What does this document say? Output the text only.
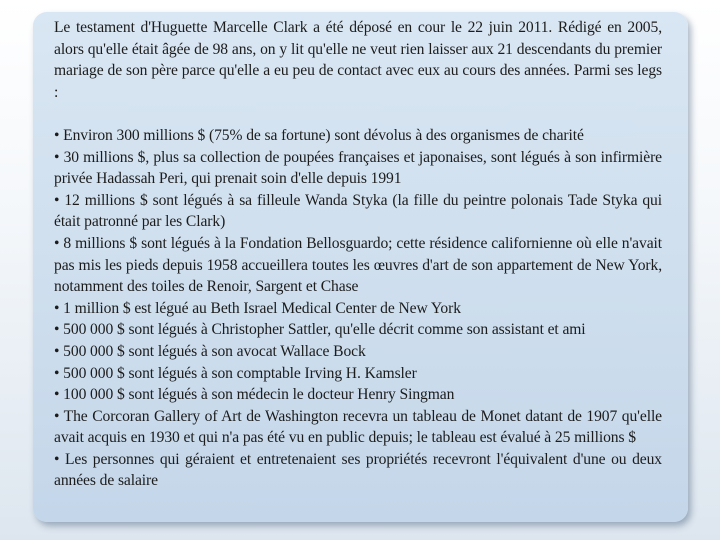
Le testament d'Huguette Marcelle Clark a été déposé en cour le 22 juin 2011. Rédigé en 2005, alors qu'elle était âgée de 98 ans, on y lit qu'elle ne veut rien laisser aux 21 descendants du premier mariage de son père parce qu'elle a eu peu de contact avec eux au cours des années. Parmi ses legs :

• Environ 300 millions $ (75% de sa fortune) sont dévolus à des organismes de charité
• 30 millions $, plus sa collection de poupées françaises et japonaises, sont légués à son infirmière privée Hadassah Peri, qui prenait soin d'elle depuis 1991
• 12 millions $ sont légués à sa filleule Wanda Styka (la fille du peintre polonais Tade Styka qui était patronné par les Clark)
• 8 millions $ sont légués à la Fondation Bellosguardo; cette résidence californienne où elle n'avait pas mis les pieds depuis 1958 accueillera toutes les œuvres d'art de son appartement de New York, notamment des toiles de Renoir, Sargent et Chase
• 1 million $ est légué au Beth Israel Medical Center de New York
• 500 000 $ sont légués à Christopher Sattler, qu'elle décrit comme son assistant et ami
• 500 000 $ sont légués à son avocat Wallace Bock
• 500 000 $ sont légués à son comptable Irving H. Kamsler
• 100 000 $ sont légués à son médecin le docteur Henry Singman
• The Corcoran Gallery of Art de Washington recevra un tableau de Monet datant de 1907 qu'elle avait acquis en 1930 et qui n'a pas été vu en public depuis; le tableau est évalué à 25 millions $
• Les personnes qui géraient et entretenaient ses propriétés recevront l'équivalent d'une ou deux années de salaire
